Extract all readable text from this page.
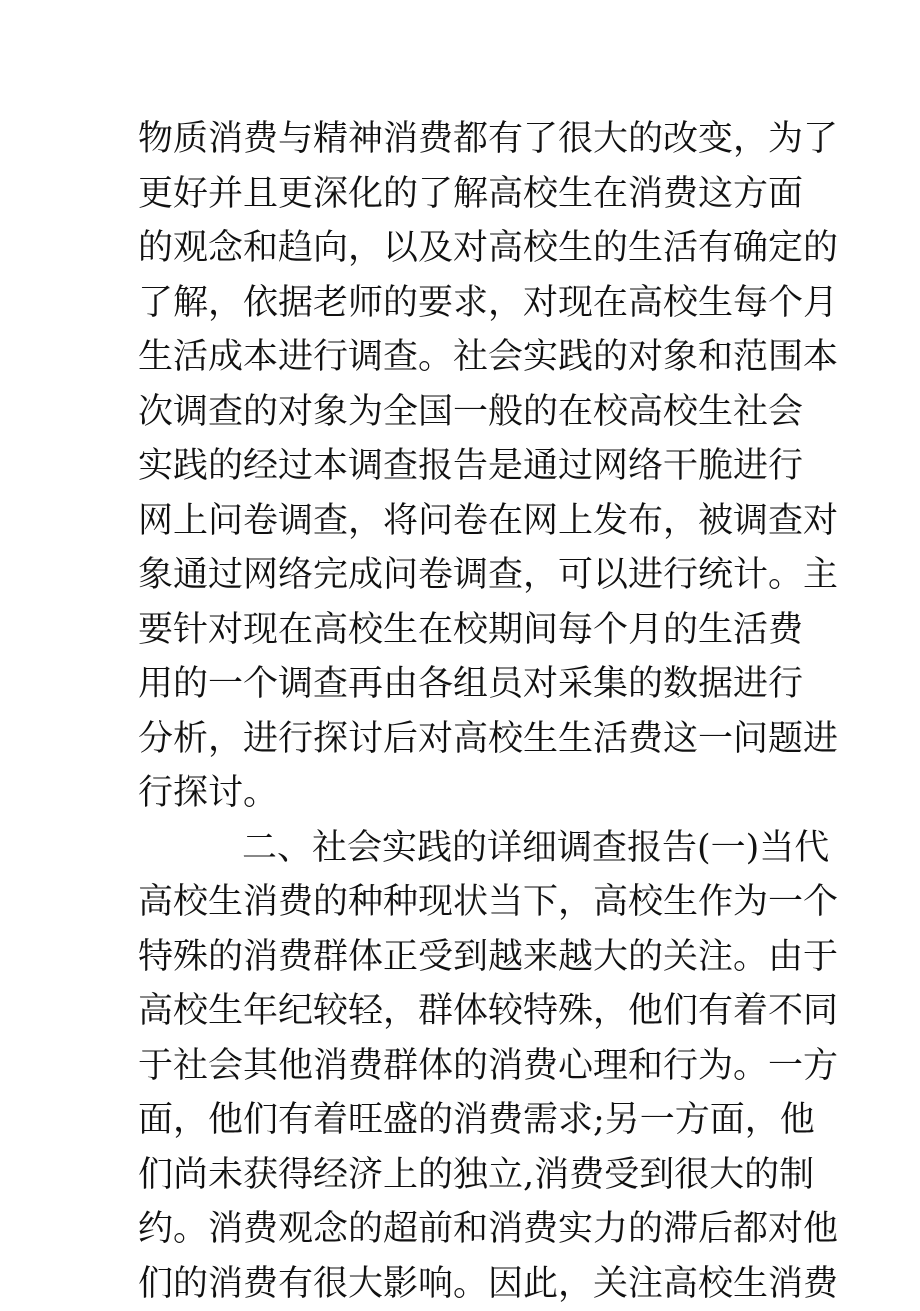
物质消费与精神消费都有了很大的改变，为了
更好并且更深化的了解高校生在消费这方面
的观念和趋向，以及对高校生的生活有确定的
了解，依据老师的要求，对现在高校生每个月
生活成本进行调查。社会实践的对象和范围本
次调查的对象为全国一般的在校高校生社会
实践的经过本调查报告是通过网络干脆进行
网上问卷调查，将问卷在网上发布，被调查对
象通过网络完成问卷调查，可以进行统计。主
要针对现在高校生在校期间每个月的生活费
用的一个调查再由各组员对采集的数据进行
分析，进行探讨后对高校生生活费这一问题进
行探讨。
二、社会实践的详细调查报告(一)当代
高校生消费的种种现状当下，高校生作为一个
特殊的消费群体正受到越来越大的关注。由于
高校生年纪较轻，群体较特殊，他们有着不同
于社会其他消费群体的消费心理和行为。一方
面，他们有着旺盛的消费需求;另一方面，他
们尚未获得经济上的独立,消费受到很大的制
约。消费观念的超前和消费实力的滞后都对他
们的消费有很大影响。因此，关注高校生消费
